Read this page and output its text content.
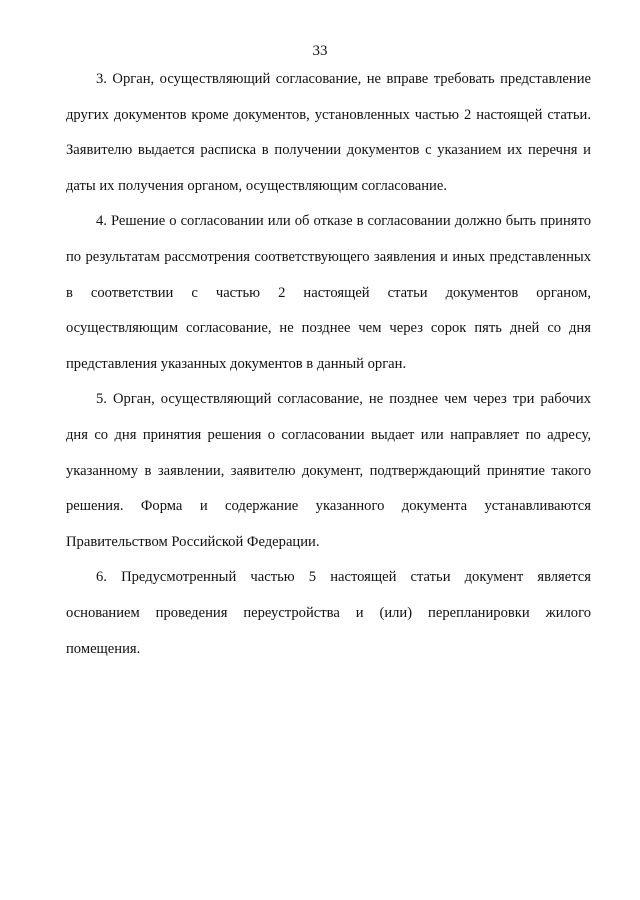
33

3. Орган, осуществляющий согласование, не вправе требовать представление других документов кроме документов, установленных частью 2 настоящей статьи. Заявителю выдается расписка в получении документов с указанием их перечня и даты их получения органом, осуществляющим согласование.

4. Решение о согласовании или об отказе в согласовании должно быть принято по результатам рассмотрения соответствующего заявления и иных представленных в соответствии с частью 2 настоящей статьи документов органом, осуществляющим согласование, не позднее чем через сорок пять дней со дня представления указанных документов в данный орган.

5. Орган, осуществляющий согласование, не позднее чем через три рабочих дня со дня принятия решения о согласовании выдает или направляет по адресу, указанному в заявлении, заявителю документ, подтверждающий принятие такого решения. Форма и содержание указанного документа устанавливаются Правительством Российской Федерации.

6. Предусмотренный частью 5 настоящей статьи документ является основанием проведения переустройства и (или) перепланировки жилого помещения.
